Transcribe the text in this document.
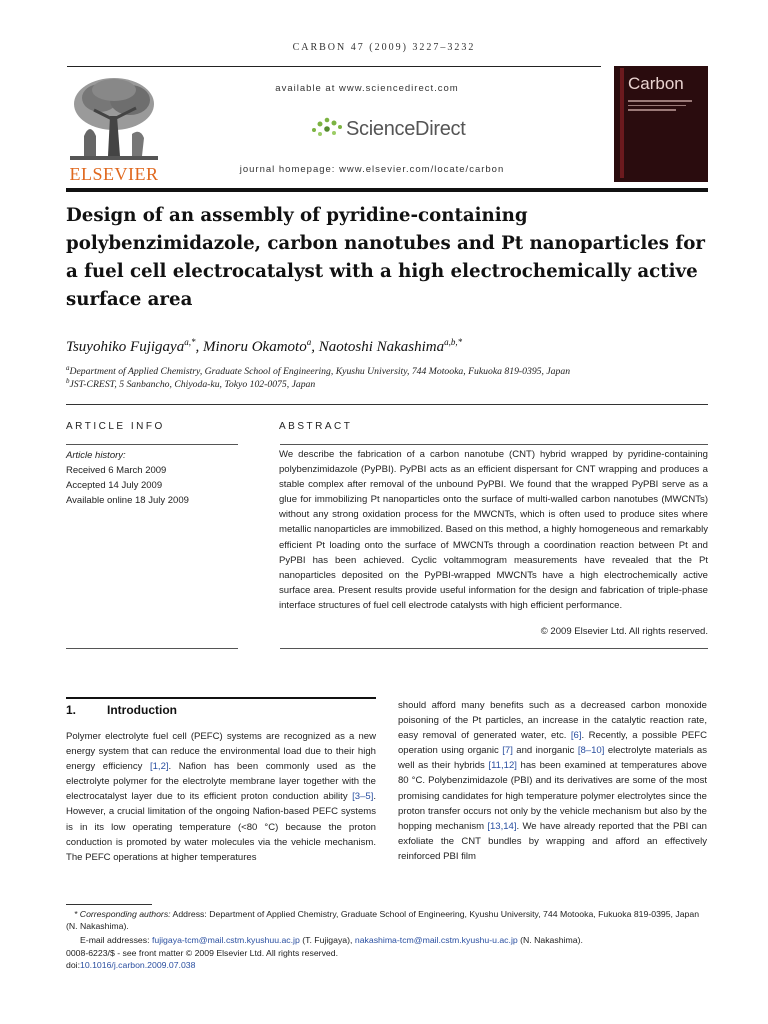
CARBON 47 (2009) 3227–3232
ELSEVIER
available at www.sciencedirect.com
ScienceDirect
journal homepage: www.elsevier.com/locate/carbon
Carbon
Design of an assembly of pyridine-containing polybenzimidazole, carbon nanotubes and Pt nanoparticles for a fuel cell electrocatalyst with a high electrochemically active surface area
Tsuyohiko Fujigaya$^{a,*}$, Minoru Okamoto$^a$, Naotoshi Nakashima$^{a,b,*}$
$^a$Department of Applied Chemistry, Graduate School of Engineering, Kyushu University, 744 Motooka, Fukuoka 819-0395, Japan
$^b$JST-CREST, 5 Sanbancho, Chiyoda-ku, Tokyo 102-0075, Japan
ARTICLE INFO	ABSTRACT
Article history:
Received 6 March 2009
Accepted 14 July 2009
Available online 18 July 2009

We describe the fabrication of a carbon nanotube (CNT) hybrid wrapped by pyridine-containing polybenzimidazole (PyPBI). PyPBI acts as an efficient dispersant for CNT wrapping and produces a stable complex after removal of the unbound PyPBI. We found that the wrapped PyPBI serve as a glue for immobilizing Pt nanoparticles onto the surface of multi-walled carbon nanotubes (MWCNTs) without any strong oxidation process for the MWCNTs, which is often used to produce sites where metallic nanoparticles are immobilized. Based on this method, a highly homogeneous and remarkably efficient Pt loading onto the surface of MWCNTs through a coordination reaction between Pt and PyPBI has been achieved. Cyclic voltammogram measurements have revealed that the Pt nanoparticles deposited on the PyPBI-wrapped MWCNTs have a high electrochemically active surface area. Present results provide useful information for the design and fabrication of triple-phase interface structures of fuel cell electrode catalysts with high efficient performance.

© 2009 Elsevier Ltd. All rights reserved.
1.	Introduction

Polymer electrolyte fuel cell (PEFC) systems are recognized as a new energy system that can reduce the environmental load due to their high energy efficiency [1,2]. Nafion has been commonly used as the electrolyte polymer for the electrolyte membrane layer together with the electrocatalyst layer due to its efficient proton conduction ability [3–5]. However, a crucial limitation of the ongoing Nafion-based PEFC systems is in its low operating temperature (<80 °C) because the proton conduction is promoted by water molecules via the vehicle mechanism. The PEFC operations at higher temperatures

should afford many benefits such as a decreased carbon monoxide poisoning of the Pt particles, an increase in the catalytic reaction rate, easy removal of generated water, etc. [6]. Recently, a possible PEFC operation using organic [7] and inorganic [8–10] electrolyte materials as well as their hybrids [11,12] has been examined at temperatures above 80 °C. Polybenzimidazole (PBI) and its derivatives are some of the most promising candidates for high temperature polymer electrolytes since the proton transfer occurs not only by the vehicle mechanism but also by the hopping mechanism [13,14]. We have already reported that the PBI can exfoliate the CNT bundles by wrapping and afford an effectively reinforced PBI film

* Corresponding authors: Address: Department of Applied Chemistry, Graduate School of Engineering, Kyushu University, 744 Motooka, Fukuoka 819-0395, Japan (N. Nakashima).
E-mail addresses: fujigaya-tcm@mail.cstm.kyushuu.ac.jp (T. Fujigaya), nakashima-tcm@mail.cstm.kyushu-u.ac.jp (N. Nakashima).
0008-6223/$ - see front matter © 2009 Elsevier Ltd. All rights reserved.
doi:10.1016/j.carbon.2009.07.038
